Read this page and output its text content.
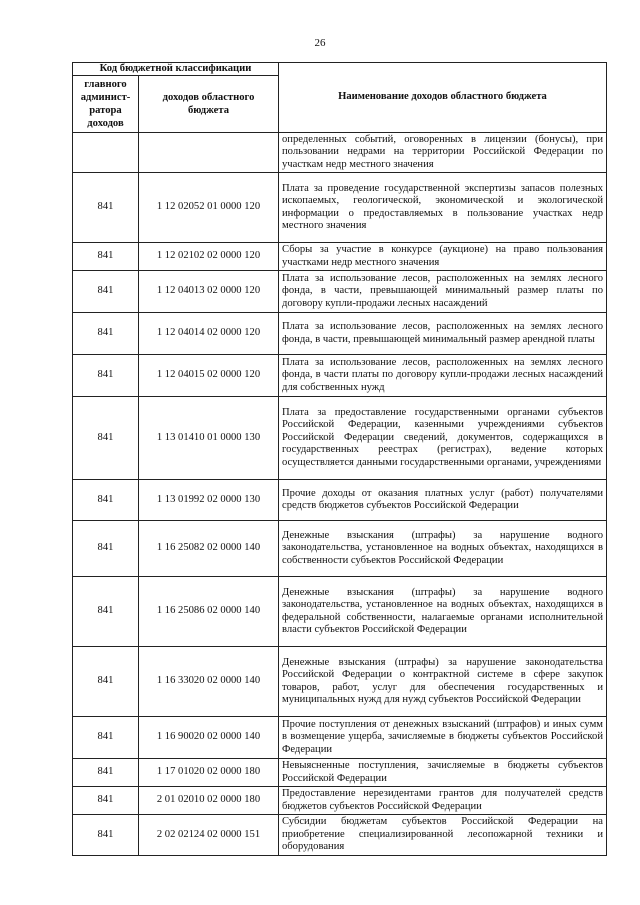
26
Код бюджетной классификации		Наименование доходов областного бюджета
главного админист-ратора доходов	доходов областного бюджета	
		определенных событий, оговоренных в лицензии (бонусы), при пользовании недрами на территории Российской Федерации по участкам недр местного значения
841	1 12 02052 01 0000 120	Плата за проведение государственной экспертизы запасов полезных ископаемых, геологической, экономической и экологической информации о предоставляемых в пользование участках недр местного значения
841	1 12 02102 02 0000 120	Сборы за участие в конкурсе (аукционе) на право пользования участками недр местного значения
841	1 12 04013 02 0000 120	Плата за использование лесов, расположенных на землях лесного фонда, в части, превышающей минимальный размер платы по договору купли-продажи лесных насаждений
841	1 12 04014 02 0000 120	Плата за использование лесов, расположенных на землях лесного фонда, в части, превышающей минимальный размер арендной платы
841	1 12 04015 02 0000 120	Плата за использование лесов, расположенных на землях лесного фонда, в части платы по договору купли-продажи лесных насаждений для собственных нужд
841	1 13 01410 01 0000 130	Плата за предоставление государственными органами субъектов Российской Федерации, казенными учреждениями субъектов Российской Федерации сведений, документов, содержащихся в государственных реестрах (регистрах), ведение которых осуществляется данными государственными органами, учреждениями
841	1 13 01992 02 0000 130	Прочие доходы от оказания платных услуг (работ) получателями средств бюджетов субъектов Российской Федерации
841	1 16 25082 02 0000 140	Денежные взыскания (штрафы) за нарушение водного законодательства, установленное на водных объектах, находящихся в собственности субъектов Российской Федерации
841	1 16 25086 02 0000 140	Денежные взыскания (штрафы) за нарушение водного законодательства, установленное на водных объектах, находящихся в федеральной собственности, налагаемые органами исполнительной власти субъектов Российской Федерации
841	1 16 33020 02 0000 140	Денежные взыскания (штрафы) за нарушение законодательства Российской Федерации о контрактной системе в сфере закупок товаров, работ, услуг для обеспечения государственных и муниципальных нужд для нужд субъектов Российской Федерации
841	1 16 90020 02 0000 140	Прочие поступления от денежных взысканий (штрафов) и иных сумм в возмещение ущерба, зачисляемые в бюджеты субъектов Российской Федерации
841	1 17 01020 02 0000 180	Невыясненные поступления, зачисляемые в бюджеты субъектов Российской Федерации
841	2 01 02010 02 0000 180	Предоставление нерезидентами грантов для получателей средств бюджетов субъектов Российской Федерации
841	2 02 02124 02 0000 151	Субсидии бюджетам субъектов Российской Федерации на приобретение специализированной лесопожарной техники и оборудования
